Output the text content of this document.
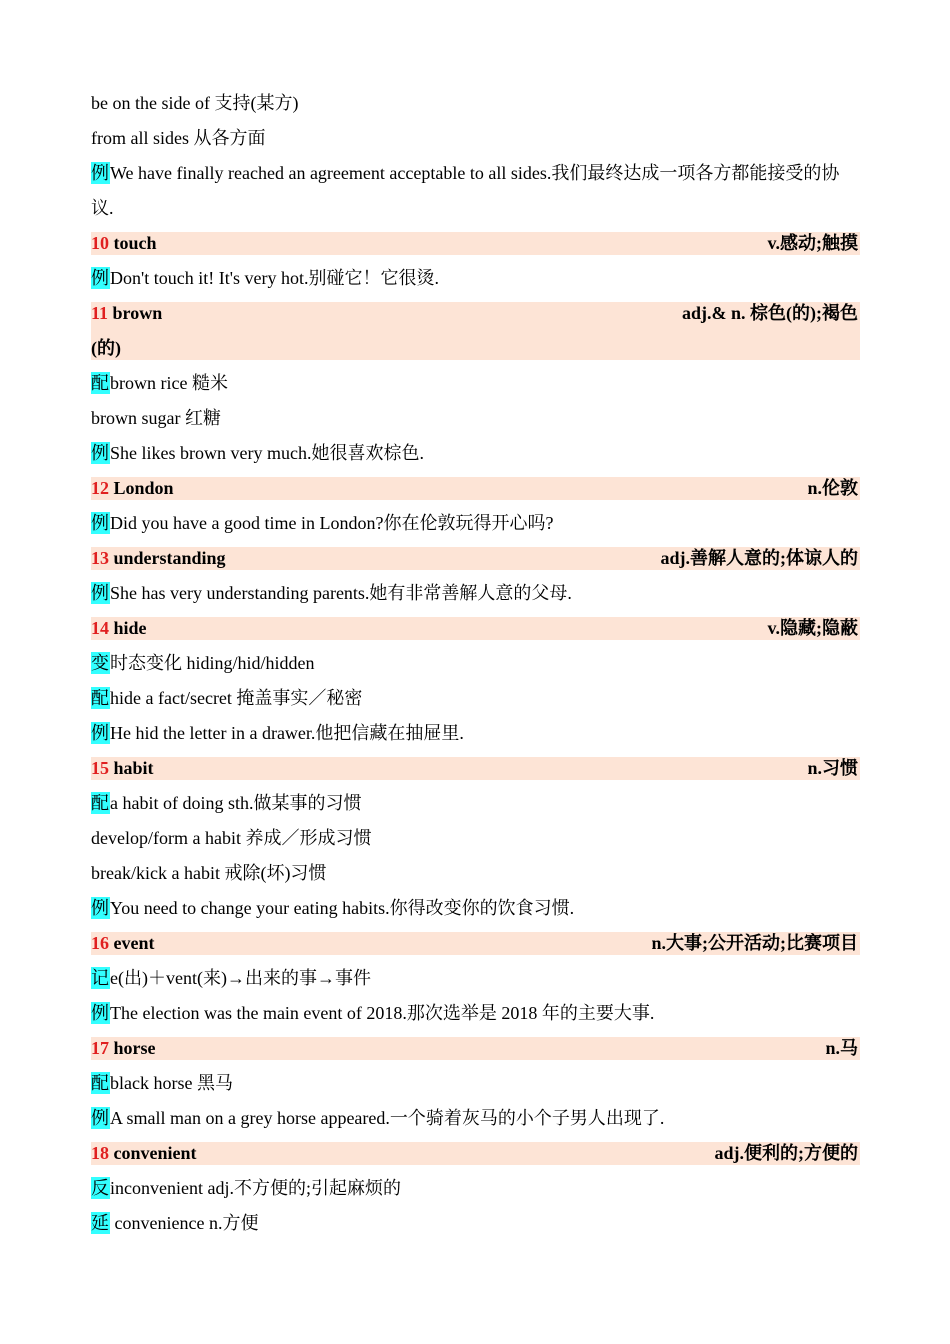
be on the side of 支持(某方)
from all sides 从各方面
例We have finally reached an agreement acceptable to all sides.我们最终达成一项各方都能接受的协议.
10 touch	v.感动;触摸
例Don't touch it! It's very hot.别碰它！它很烫.
11 brown	adj.& n. 棕色(的);褐色
(的)
配brown rice 糙米
brown sugar 红糖
例She likes brown very much.她很喜欢棕色.
12 London	n.伦敦
例Did you have a good time in London?你在伦敦玩得开心吗?
13 understanding	adj.善解人意的;体谅人的
例She has very understanding parents.她有非常善解人意的父母.
14 hide	v.隐藏;隐蔽
变时态变化 hiding/hid/hidden
配hide a fact/secret 掩盖事实／秘密
例He hid the letter in a drawer.他把信藏在抽屉里.
15 habit	n.习惯
配a habit of doing sth.做某事的习惯
develop/form a habit 养成／形成习惯
break/kick a habit 戒除(坏)习惯
例You need to change your eating habits.你得改变你的饮食习惯.
16 event	n.大事;公开活动;比赛项目
记e(出)＋vent(来)→出来的事→事件
例The election was the main event of 2018.那次选举是 2018 年的主要大事.
17 horse	n.马
配black horse 黑马
例A small man on a grey horse appeared.一个骑着灰马的小个子男人出现了.
18 convenient	adj.便利的;方便的
反inconvenient adj.不方便的;引起麻烦的
延 convenience n.方便
